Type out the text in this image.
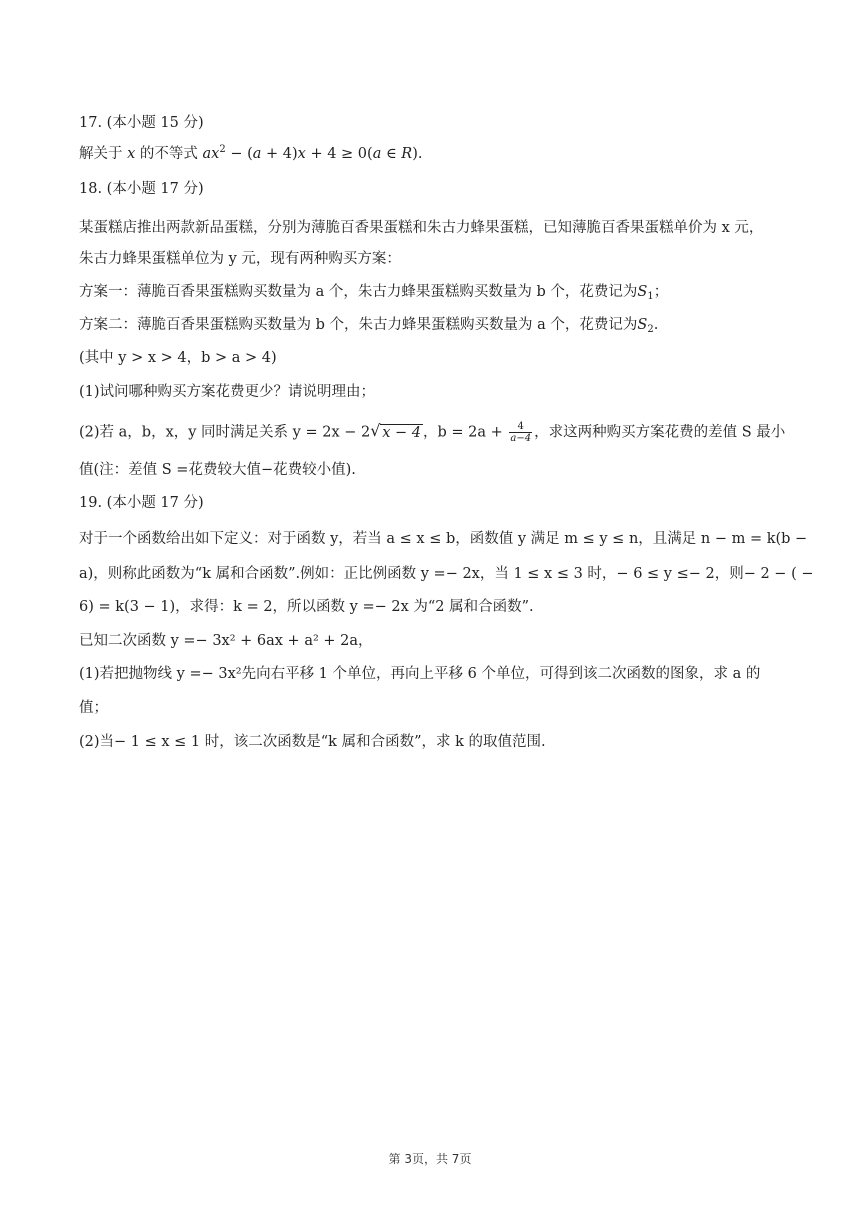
17. (本小题 15 分)
解关于 x 的不等式 $ax^2 - (a + 4)x + 4 \ge 0(a$ ∈ R).
18. (本小题 17 分)
某蛋糕店推出两款新品蛋糕，分别为薄脆百香果蛋糕和朱古力蜂果蛋糕，已知薄脆百香果蛋糕单价为 x 元，
朱古力蜂果蛋糕单位为 y 元，现有两种购买方案：
方案一：薄脆百香果蛋糕购买数量为 a 个，朱古力蜂果蛋糕购买数量为 b 个，花费记为$S_1$；
方案二：薄脆百香果蛋糕购买数量为 b 个，朱古力蜂果蛋糕购买数量为 a 个，花费记为$S_2$.
(其中 y > x > 4，b > a > 4)
(1)试问哪种购买方案花费更少？请说明理由；
(2)若 a，b，x，y 同时满足关系 y = 2x − 2 √ x − 4 ，$b = 2a + \frac{4}{a-4}$ ，求这两种购买方案花费的差值 S 最小
值(注：差值 S =花费较大值−花费较小值).
19. (本小题 17 分)
对于一个函数给出如下定义：对于函数 y，若当 a ≤ x ≤ b，函数值 y 满足 m ≤ y ≤ n，且满足 n − m = k(b −
a)，则称此函数为“k 属和合函数”.例如：正比例函数 y =− 2x，当 1 ≤ x ≤ 3 时，− 6 ≤ y ≤− 2，则− 2 − ( −
6) = k(3 − 1)，求得：k = 2，所以函数 y =− 2x 为“2 属和合函数”.
已知二次函数 y =− 3x² + 6ax + a² + 2a，
(1)若把抛物线 y =− 3x²先向右平移 1 个单位，再向上平移 6 个单位，可得到该二次函数的图象，求 a 的
值；
(2)当− 1 ≤ x ≤ 1 时，该二次函数是“k 属和合函数”，求 k 的取值范围.
第 3页，共 7页
